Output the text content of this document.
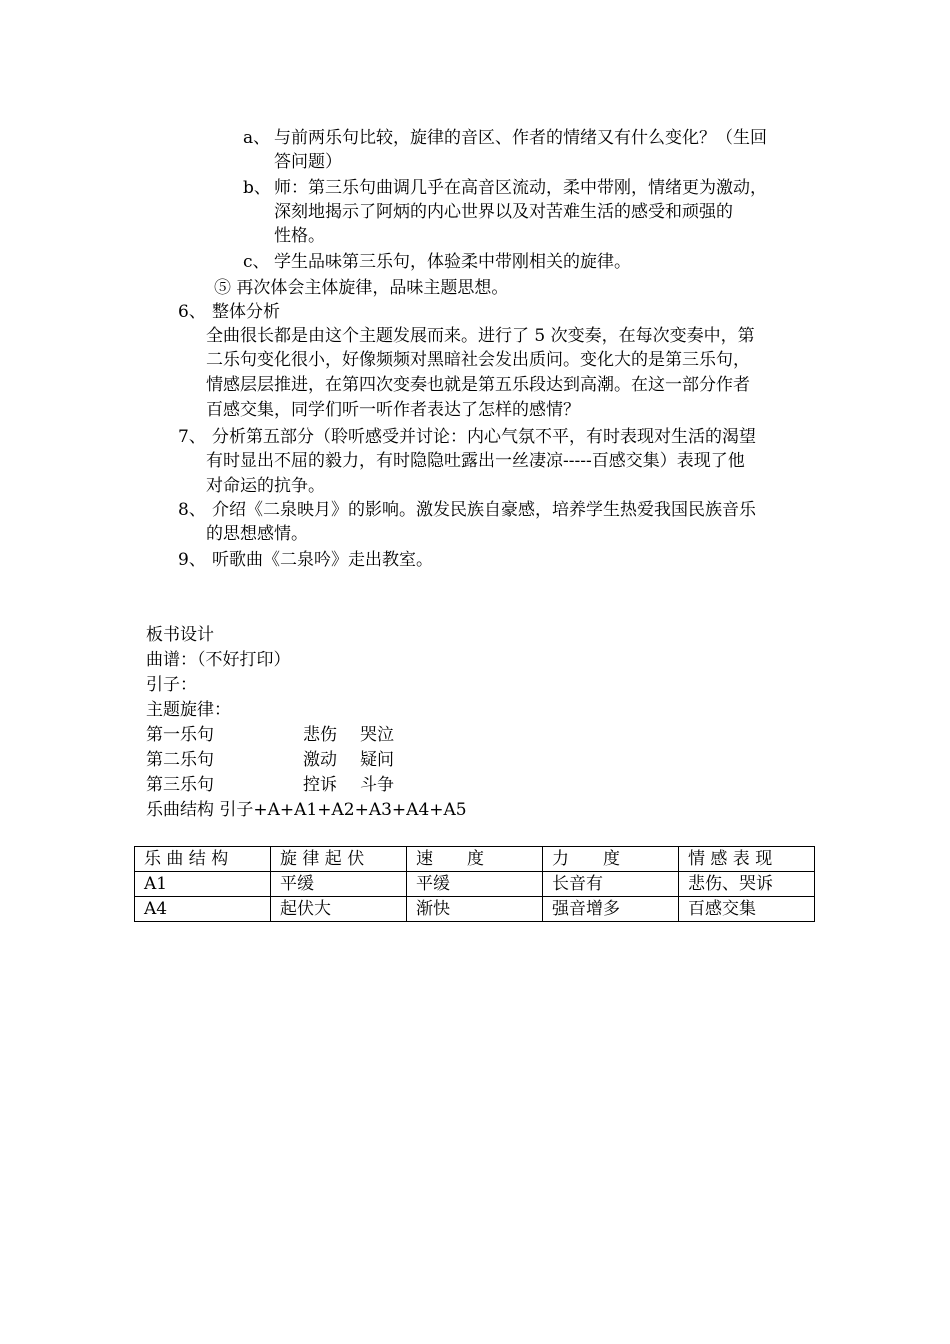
a、 与前两乐句比较，旋律的音区、作者的情绪又有什么变化？（生回
答问题）
b、 师：第三乐句曲调几乎在高音区流动，柔中带刚，情绪更为激动，
深刻地揭示了阿炳的内心世界以及对苦难生活的感受和顽强的
性格。
c、 学生品味第三乐句，体验柔中带刚相关的旋律。
⑤ 再次体会主体旋律，品味主题思想。
6、 整体分析
全曲很长都是由这个主题发展而来。进行了 5 次变奏，在每次变奏中，第
二乐句变化很小，好像频频对黑暗社会发出质问。变化大的是第三乐句，
情感层层推进，在第四次变奏也就是第五乐段达到高潮。在这一部分作者
百感交集，同学们听一听作者表达了怎样的感情？
7、 分析第五部分（聆听感受并讨论：内心气氛不平，有时表现对生活的渴望
有时显出不屈的毅力，有时隐隐吐露出一丝凄凉-----百感交集）表现了他
对命运的抗争。
8、 介绍《二泉映月》的影响。激发民族自豪感，培养学生热爱我国民族音乐
的思想感情。
9、 听歌曲《二泉吟》走出教室。
板书设计
曲谱：（不好打印）
引子：
主题旋律：
第一乐句	悲伤 哭泣
第二乐句	激动 疑问
第三乐句	控诉 斗争
乐曲结构 引子+A+A1+A2+A3+A4+A5
乐 曲 结 构	旋 律 起 伏	速　　度	力　　度	情 感 表 现
A1	平缓	平缓	长音有	悲伤、哭诉
A4	起伏大	渐快	强音增多	百感交集
